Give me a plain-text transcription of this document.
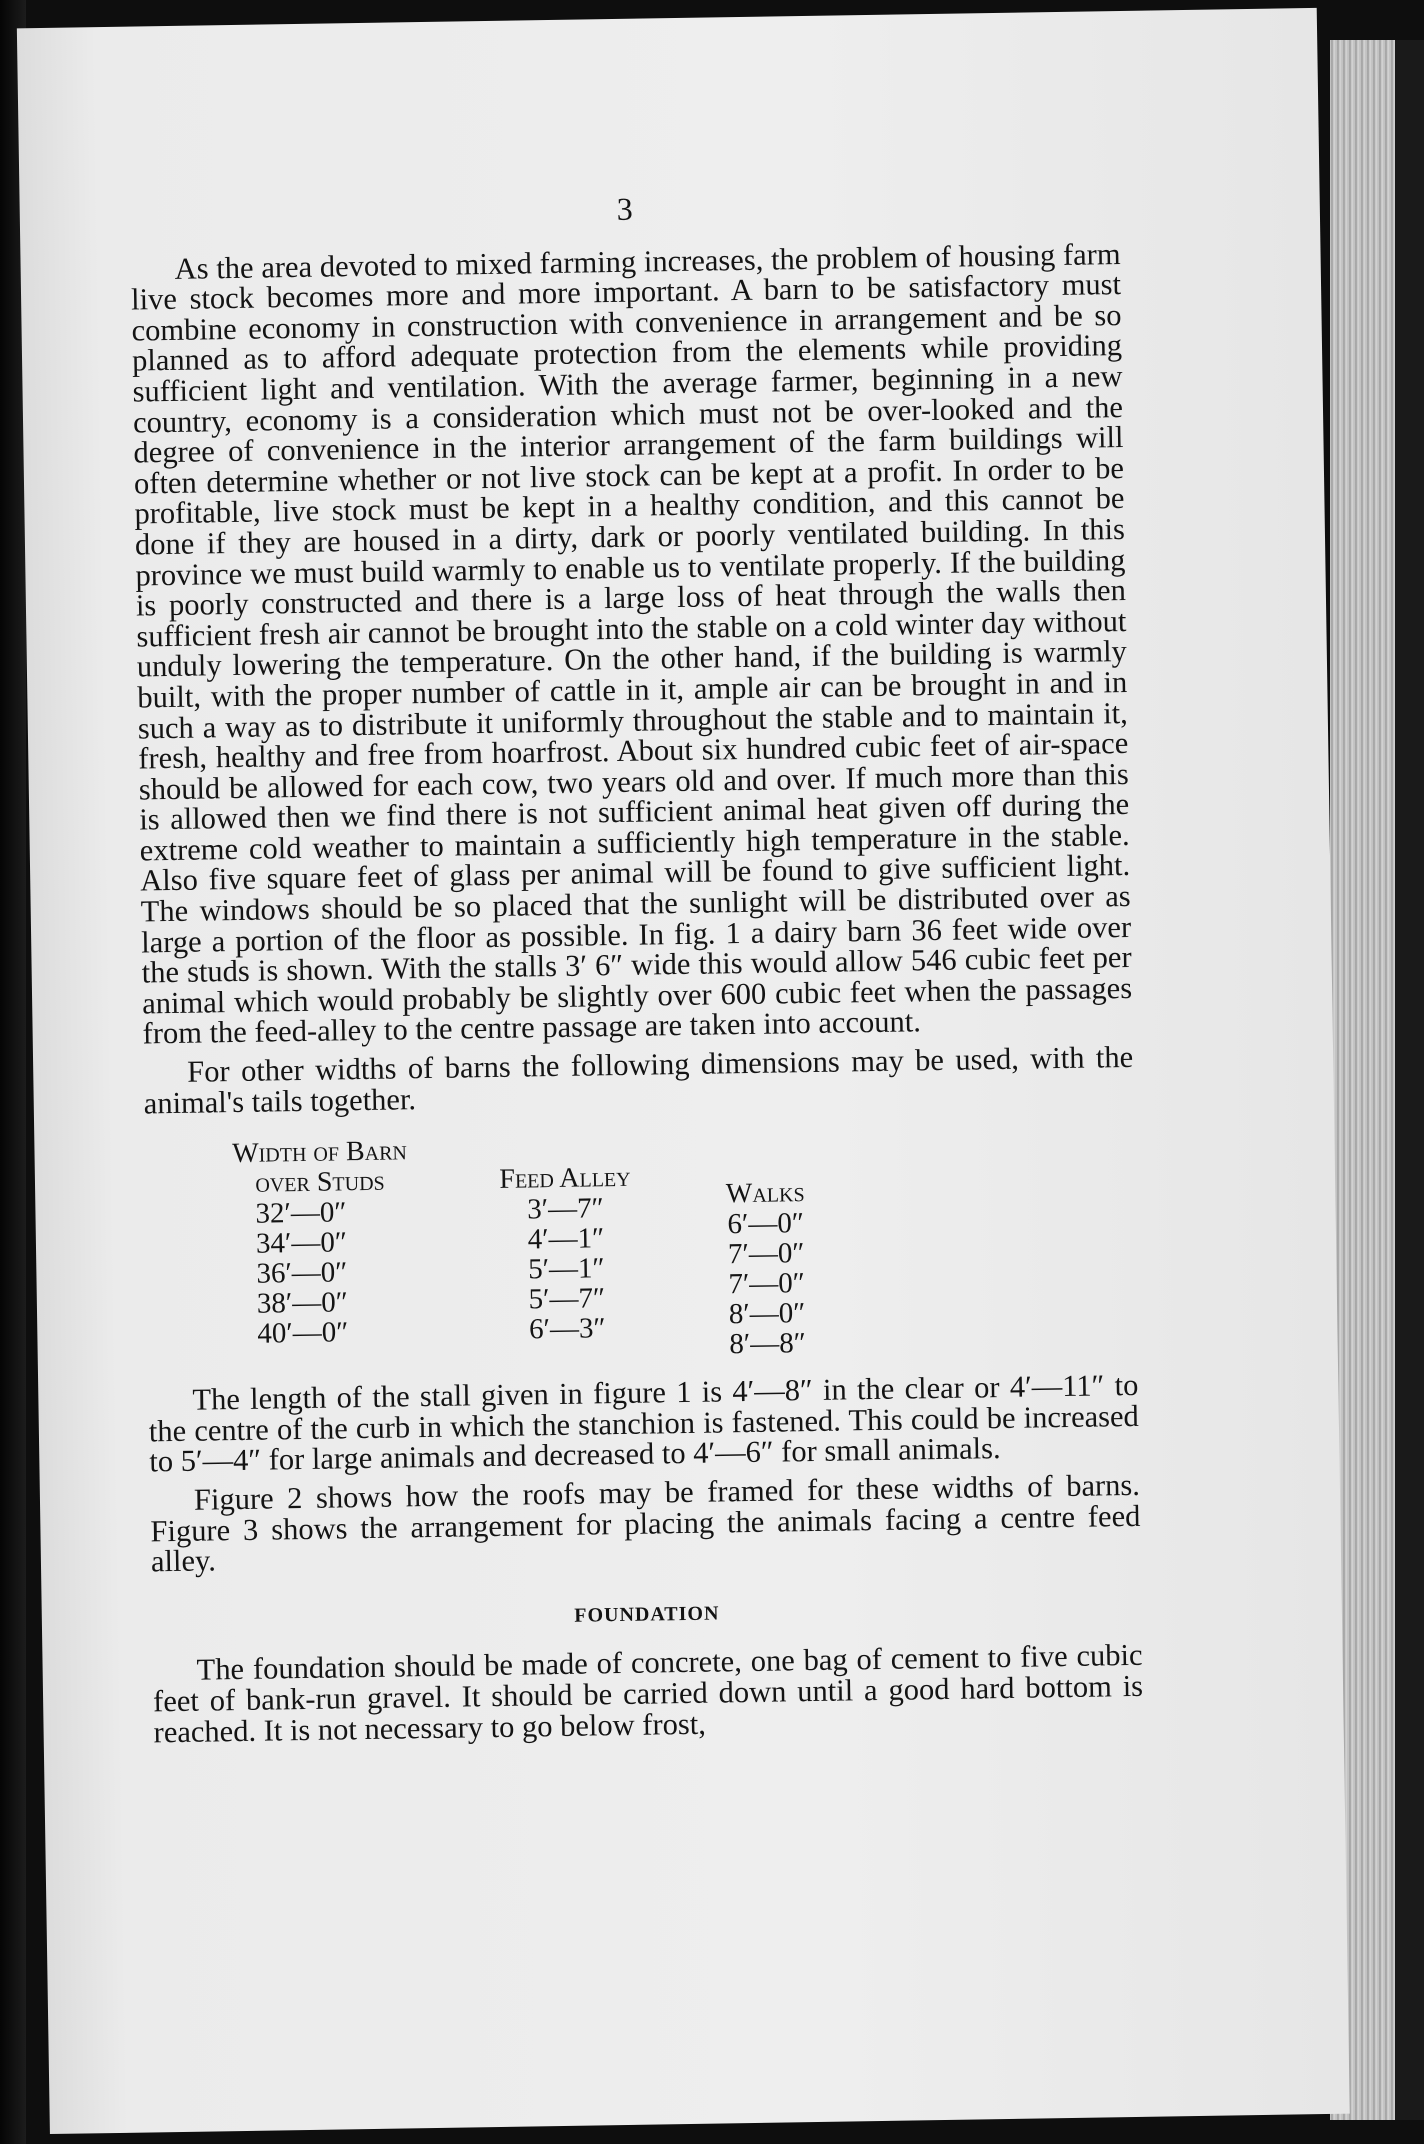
3

As the area devoted to mixed farming increases, the problem of housing farm live stock becomes more and more important. A barn to be satisfactory must combine economy in construction with convenience in arrangement and be so planned as to afford adequate protection from the elements while providing sufficient light and ventilation. With the average farmer, beginning in a new country, economy is a consideration which must not be over-looked and the degree of convenience in the interior arrangement of the farm buildings will often determine whether or not live stock can be kept at a profit. In order to be profitable, live stock must be kept in a healthy condition, and this cannot be done if they are housed in a dirty, dark or poorly ventilated building. In this province we must build warmly to enable us to ventilate properly. If the building is poorly constructed and there is a large loss of heat through the walls then sufficient fresh air cannot be brought into the stable on a cold winter day without unduly lowering the temperature. On the other hand, if the building is warmly built, with the proper number of cattle in it, ample air can be brought in and in such a way as to distribute it uniformly throughout the stable and to maintain it, fresh, healthy and free from hoarfrost. About six hundred cubic feet of air-space should be allowed for each cow, two years old and over. If much more than this is allowed then we find there is not sufficient animal heat given off during the extreme cold weather to maintain a sufficiently high temperature in the stable. Also five square feet of glass per animal will be found to give sufficient light. The windows should be so placed that the sunlight will be distributed over as large a portion of the floor as possible. In fig. 1 a dairy barn 36 feet wide over the studs is shown. With the stalls 3′ 6″ wide this would allow 546 cubic feet per animal which would probably be slightly over 600 cubic feet when the passages from the feed-alley to the centre passage are taken into account.

For other widths of barns the following dimensions may be used, with the animal's tails together.

Width of Barn
over Studs
32′—0″
34′—0″
36′—0″
38′—0″
40′—0″
Feed Alley
3′—7″
4′—1″
5′—1″
5′—7″
6′—3″
Walks
6′—0″
7′—0″
7′—0″
8′—0″
8′—8″

The length of the stall given in figure 1 is 4′—8″ in the clear or 4′—11″ to the centre of the curb in which the stanchion is fastened. This could be increased to 5′—4″ for large animals and decreased to 4′—6″ for small animals.

Figure 2 shows how the roofs may be framed for these widths of barns. Figure 3 shows the arrangement for placing the animals facing a centre feed alley.

FOUNDATION

The foundation should be made of concrete, one bag of cement to five cubic feet of bank-run gravel. It should be carried down until a good hard bottom is reached. It is not necessary to go below frost,
